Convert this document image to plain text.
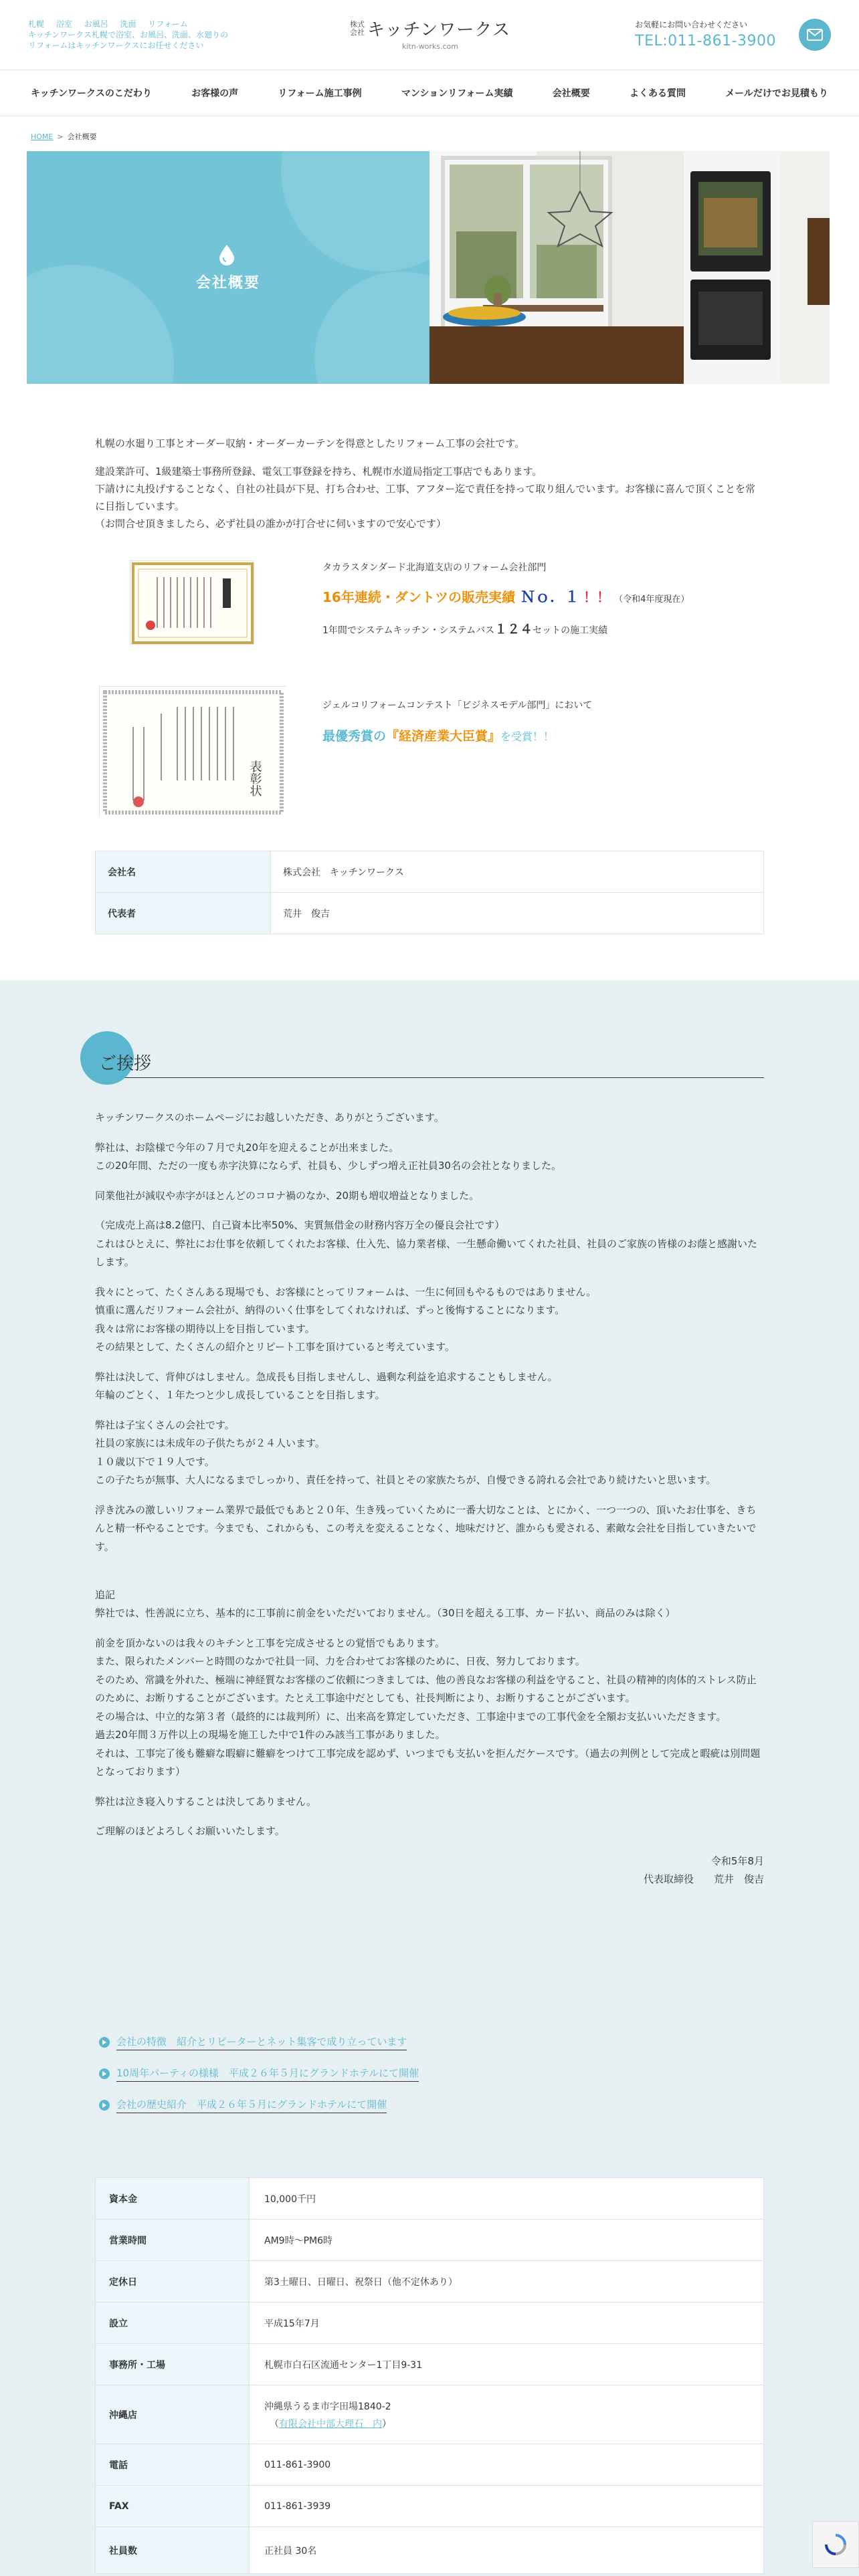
札幌 浴室 お風呂 洗面 リフォーム
キッチンワークス札幌で浴室、お風呂、洗面、水廻りの
リフォームはキッチンワークスにお任せください
株式
会社 キッチンワークス
kitn-works.com
お気軽にお問い合わせください
TEL:011-861-3900
キッチンワークスのこだわり	お客様の声	リフォーム施工事例	マンションリフォーム実績	会社概要	よくある質問	メールだけでお見積もり
HOME > 会社概要
会社概要

札幌の水廻り工事とオーダー収納・オーダーカーテンを得意としたリフォーム工事の会社です。

建設業許可、1級建築士事務所登録、電気工事登録を持ち、札幌市水道局指定工事店でもあります。
下請けに丸投げすることなく、自社の社員が下見、打ち合わせ、工事、アフター迄で責任を持って取り組んでいます。お客様に喜んで頂くことを常に目指しています。
（お問合せ頂きましたら、必ず社員の誰かが打合せに伺いますので安心です）

タカラスタンダード北海道支店のリフォーム会社部門
16年連続・ダントツの販売実績 Ｎｏ．１ ！！ （令和4年度現在）
1年間でシステムキッチン・システムバス１２４セットの施工実績
表彰状
ジェルコリフォームコンテスト「ビジネスモデル部門」において
最優秀賞の『経済産業大臣賞』を受賞！！
会社名	株式会社　キッチンワークス
代表者	荒井　俊吉
ご挨拶

キッチンワークスのホームページにお越しいただき、ありがとうございます。

弊社は、お陰様で今年の７月で丸20年を迎えることが出来ました。
この20年間、ただの一度も赤字決算にならず、社員も、少しずつ増え正社員30名の会社となりました。

同業他社が減収や赤字がほとんどのコロナ禍のなか、20期も増収増益となりました。

（完成売上高は8.2億円、自己資本比率50%、実質無借金の財務内容万全の優良会社です）
これはひとえに、弊社にお仕事を依頼してくれたお客様、仕入先、協力業者様、一生懸命働いてくれた社員、社員のご家族の皆様のお蔭と感謝いたします。

我々にとって、たくさんある現場でも、お客様にとってリフォームは、一生に何回もやるものではありません。
慎重に選んだリフォーム会社が、納得のいく仕事をしてくれなければ、ずっと後悔することになります。
我々は常にお客様の期待以上を目指しています。
その結果として、たくさんの紹介とリピート工事を頂けていると考えています。

弊社は決して、背伸びはしません。急成長も目指しませんし、過剰な利益を追求することもしません。
年輪のごとく、１年たつと少し成長していることを目指します。

弊社は子宝くさんの会社です。
社員の家族には未成年の子供たちが２４人います。
１０歳以下で１９人です。
この子たちが無事、大人になるまでしっかり、責任を持って、社員とその家族たちが、自慢できる誇れる会社であり続けたいと思います。

浮き沈みの激しいリフォーム業界で最低でもあと２０年、生き残っていくために一番大切なことは、とにかく、一つ一つの、頂いたお仕事を、きちんと精一杯やることです。今までも、これからも、この考えを変えることなく、地味だけど、誰からも愛される、素敵な会社を目指していきたいです。

追記
弊社では、性善説に立ち、基本的に工事前に前金をいただいておりません。（30日を超える工事、カード払い、商品のみは除く）

前金を頂かないのは我々のキチンと工事を完成させるとの覚悟でもあります。
また、限られたメンバーと時間のなかで社員一同、力を合わせてお客様のために、日夜、努力しております。
そのため、常識を外れた、極端に神経質なお客様のご依頼につきましては、他の善良なお客様の利益を守ること、社員の精神的肉体的ストレス防止のために、お断りすることがございます。たとえ工事途中だとしても、社長判断により、お断りすることがございます。
その場合は、中立的な第３者（最終的には裁判所）に、出来高を算定していただき、工事途中までの工事代金を全額お支払いいただきます。
過去20年間３万件以上の現場を施工した中で1件のみ該当工事がありました。
それは、工事完了後も難癖な暇癖に難癖をつけて工事完成を認めず、いつまでも支払いを拒んだケースです。（過去の判例として完成と暇疵は別問題となっております）

弊社は泣き寝入りすることは決してありません。

ご理解のほどよろしくお願いいたします。

令和5年8月
代表取締役　　荒井　俊吉
会社の特徴　紹介とリピーターとネット集客で成り立っています
10周年パーティの様様　平成２６年５月にグランドホテルにて開催
会社の歴史紹介　平成２６年５月にグランドホテルにて開催
資本金	10,000千円
営業時間	AM9時〜PM6時
定休日	第3土曜日、日曜日、祝祭日（他不定休あり）
設立	平成15年7月
事務所・工場	札幌市白石区流通センター1丁目9-31
沖縄店	沖縄県うるま市字田場1840-2
（有限会社中部大理石　内）

電話	011-861-3900
FAX	011-861-3939
社員数	正社員 30名
